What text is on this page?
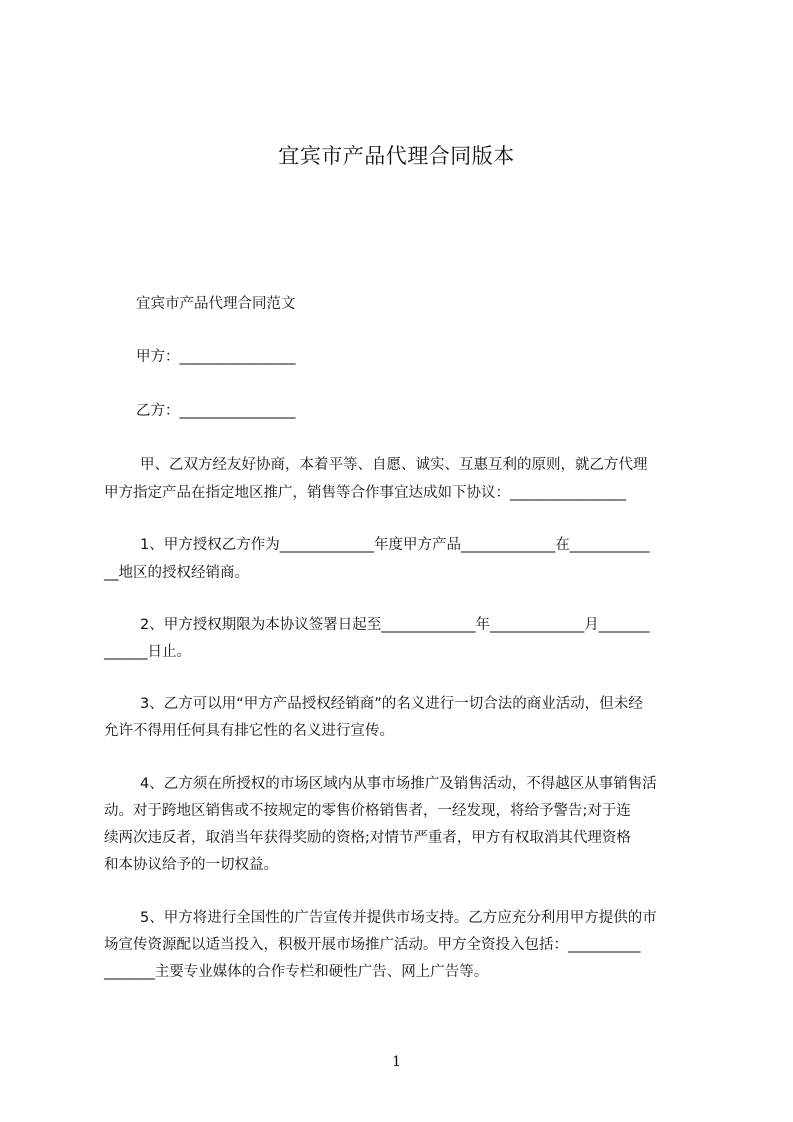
宜宾市产品代理合同版本
宜宾市产品代理合同范文
甲方：________________
乙方：________________
甲、乙双方经友好协商，本着平等、自愿、诚实、互惠互利的原则，就乙方代理
甲方指定产品在指定地区推广，销售等合作事宜达成如下协议：________________
1、甲方授权乙方作为_____________年度甲方产品_____________在___________
__地区的授权经销商。
2、甲方授权期限为本协议签署日起至_____________年_____________月_______
______日止。
3、乙方可以用“甲方产品授权经销商”的名义进行一切合法的商业活动，但未经
允许不得用任何具有排它性的名义进行宣传。
4、乙方须在所授权的市场区域内从事市场推广及销售活动，不得越区从事销售活
动。对于跨地区销售或不按规定的零售价格销售者，一经发现，将给予警告;对于连
续两次违反者，取消当年获得奖励的资格;对情节严重者，甲方有权取消其代理资格
和本协议给予的一切权益。
5、甲方将进行全国性的广告宣传并提供市场支持。乙方应充分利用甲方提供的市
场宣传资源配以适当投入，积极开展市场推广活动。甲方全资投入包括：__________
_______主要专业媒体的合作专栏和硬性广告、网上广告等。
1
